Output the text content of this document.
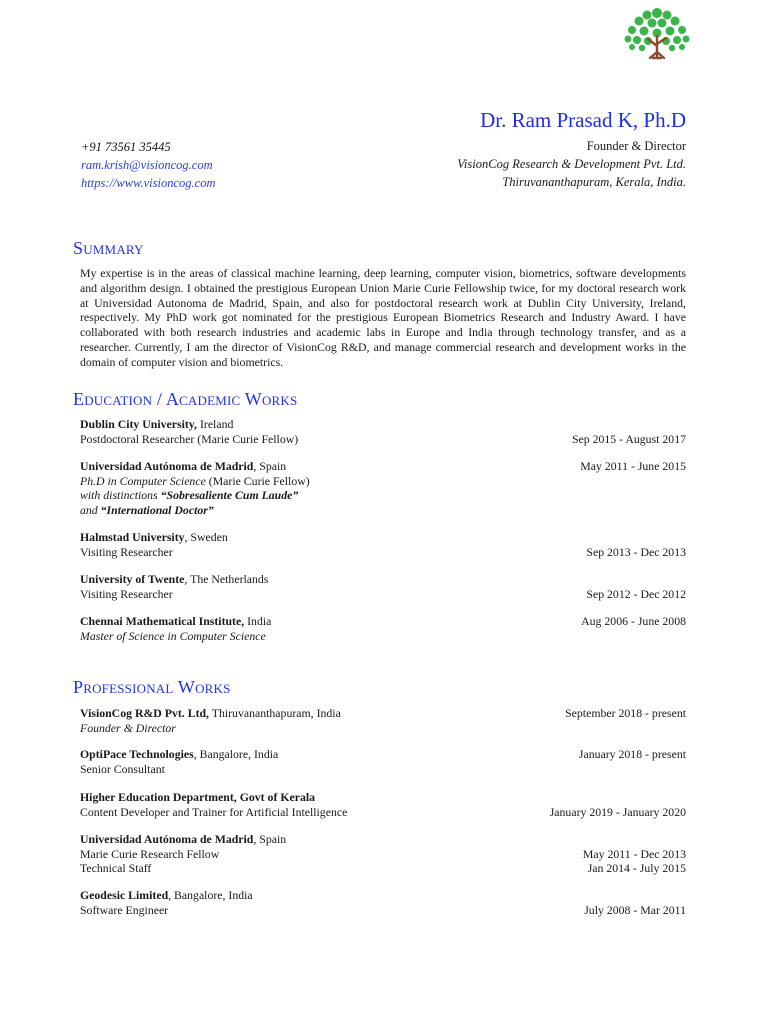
+91 73561 35445
ram.krish@visioncog.com
https://www.visioncog.com
Dr. Ram Prasad K, Ph.D
Founder & Director
VisionCog Research & Development Pvt. Ltd.
Thiruvananthapuram, Kerala, India.
Summary
My expertise is in the areas of classical machine learning, deep learning, computer vision, biometrics, software developments and algorithm design. I obtained the prestigious European Union Marie Curie Fellowship twice, for my doctoral research work at Universidad Autonoma de Madrid, Spain, and also for postdoctoral research work at Dublin City University, Ireland, respectively. My PhD work got nominated for the prestigious European Biometrics Research and Industry Award. I have collaborated with both research industries and academic labs in Europe and India through technology transfer, and as a researcher. Currently, I am the director of VisionCog R&D, and manage commercial research and development works in the domain of computer vision and biometrics.
Education / Academic Works
Dublin City University, Ireland
Postdoctoral Researcher (Marie Curie Fellow)	Sep 2015 - August 2017
Universidad Autónoma de Madrid, Spain	May 2011 - June 2015
Ph.D in Computer Science (Marie Curie Fellow)
with distinctions “Sobresaliente Cum Laude”
and “International Doctor”
Halmstad University, Sweden
Visiting Researcher	Sep 2013 - Dec 2013
University of Twente, The Netherlands
Visiting Researcher	Sep 2012 - Dec 2012
Chennai Mathematical Institute, India	Aug 2006 - June 2008
Master of Science in Computer Science
Professional Works
VisionCog R&D Pvt. Ltd, Thiruvananthapuram, India	September 2018 - present
Founder & Director
OptiPace Technologies, Bangalore, India	January 2018 - present
Senior Consultant
Higher Education Department, Govt of Kerala
Content Developer and Trainer for Artificial Intelligence	January 2019 - January 2020
Universidad Autónoma de Madrid, Spain
Marie Curie Research Fellow	May 2011 - Dec 2013
Technical Staff	Jan 2014 - July 2015
Geodesic Limited, Bangalore, India
Software Engineer	July 2008 - Mar 2011
